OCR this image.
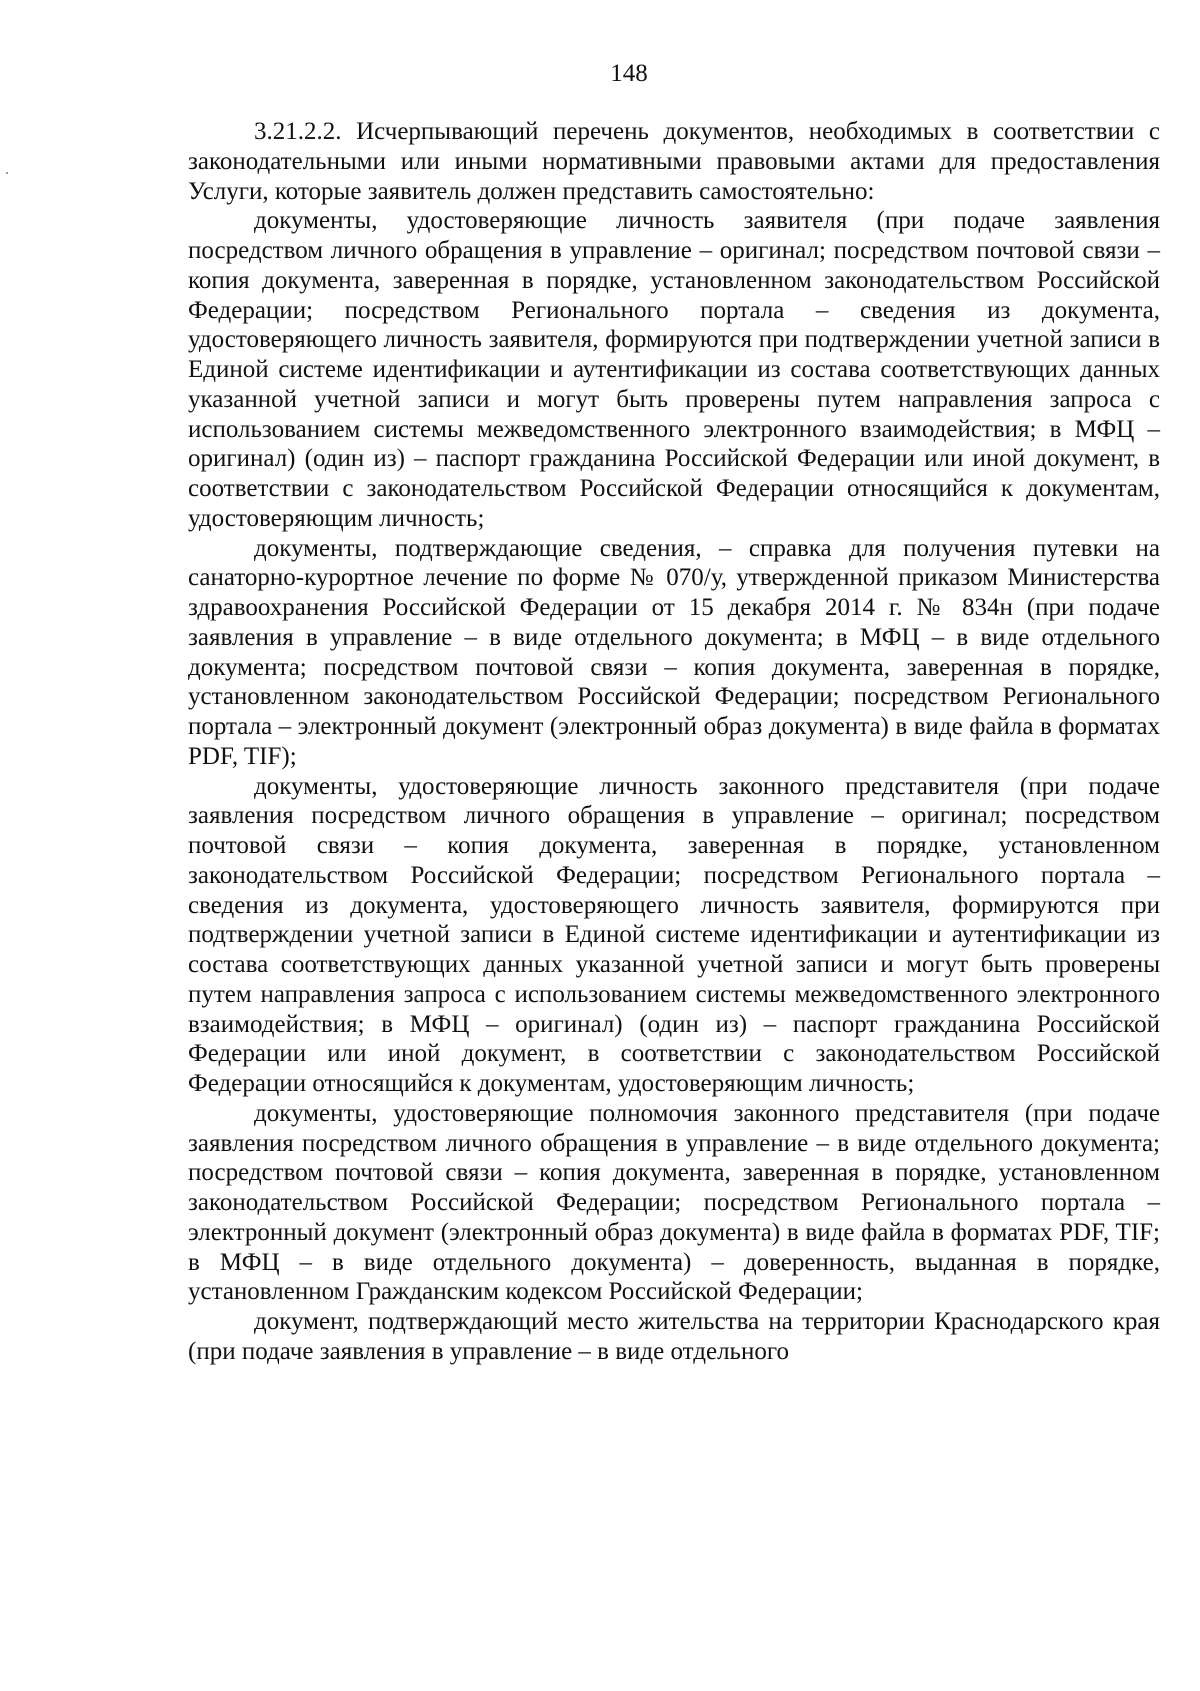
148

3.21.2.2. Исчерпывающий перечень документов, необходимых в соответствии с законодательными или иными нормативными правовыми актами для предоставления Услуги, которые заявитель должен представить самостоятельно:

документы, удостоверяющие личность заявителя (при подаче заявления посредством личного обращения в управление – оригинал; посредством почтовой связи – копия документа, заверенная в порядке, установленном законодательством Российской Федерации; посредством Регионального портала – сведения из документа, удостоверяющего личность заявителя, формируются при подтверждении учетной записи в Единой системе идентификации и аутентификации из состава соответствующих данных указанной учетной записи и могут быть проверены путем направления запроса с использованием системы межведомственного электронного взаимодействия; в МФЦ – оригинал) (один из) – паспорт гражданина Российской Федерации или иной документ, в соответствии с законодательством Российской Федерации относящийся к документам, удостоверяющим личность;

документы, подтверждающие сведения, – справка для получения путевки на санаторно-курортное лечение по форме № 070/у, утвержденной приказом Министерства здравоохранения Российской Федерации от 15 декабря 2014 г. № 834н (при подаче заявления в управление – в виде отдельного документа; в МФЦ – в виде отдельного документа; посредством почтовой связи – копия документа, заверенная в порядке, установленном законодательством Российской Федерации; посредством Регионального портала – электронный документ (электронный образ документа) в виде файла в форматах PDF, TIF);

документы, удостоверяющие личность законного представителя (при подаче заявления посредством личного обращения в управление – оригинал; посредством почтовой связи – копия документа, заверенная в порядке, установленном законодательством Российской Федерации; посредством Регионального портала – сведения из документа, удостоверяющего личность заявителя, формируются при подтверждении учетной записи в Единой системе идентификации и аутентификации из состава соответствующих данных указанной учетной записи и могут быть проверены путем направления запроса с использованием системы межведомственного электронного взаимодействия; в МФЦ – оригинал) (один из) – паспорт гражданина Российской Федерации или иной документ, в соответствии с законодательством Российской Федерации относящийся к документам, удостоверяющим личность;

документы, удостоверяющие полномочия законного представителя (при подаче заявления посредством личного обращения в управление – в виде отдельного документа; посредством почтовой связи – копия документа, заверенная в порядке, установленном законодательством Российской Федерации; посредством Регионального портала – электронный документ (электронный образ документа) в виде файла в форматах PDF, TIF; в МФЦ – в виде отдельного документа) – доверенность, выданная в порядке, установленном Гражданским кодексом Российской Федерации;

документ, подтверждающий место жительства на территории Краснодарского края (при подаче заявления в управление – в виде отдельного
